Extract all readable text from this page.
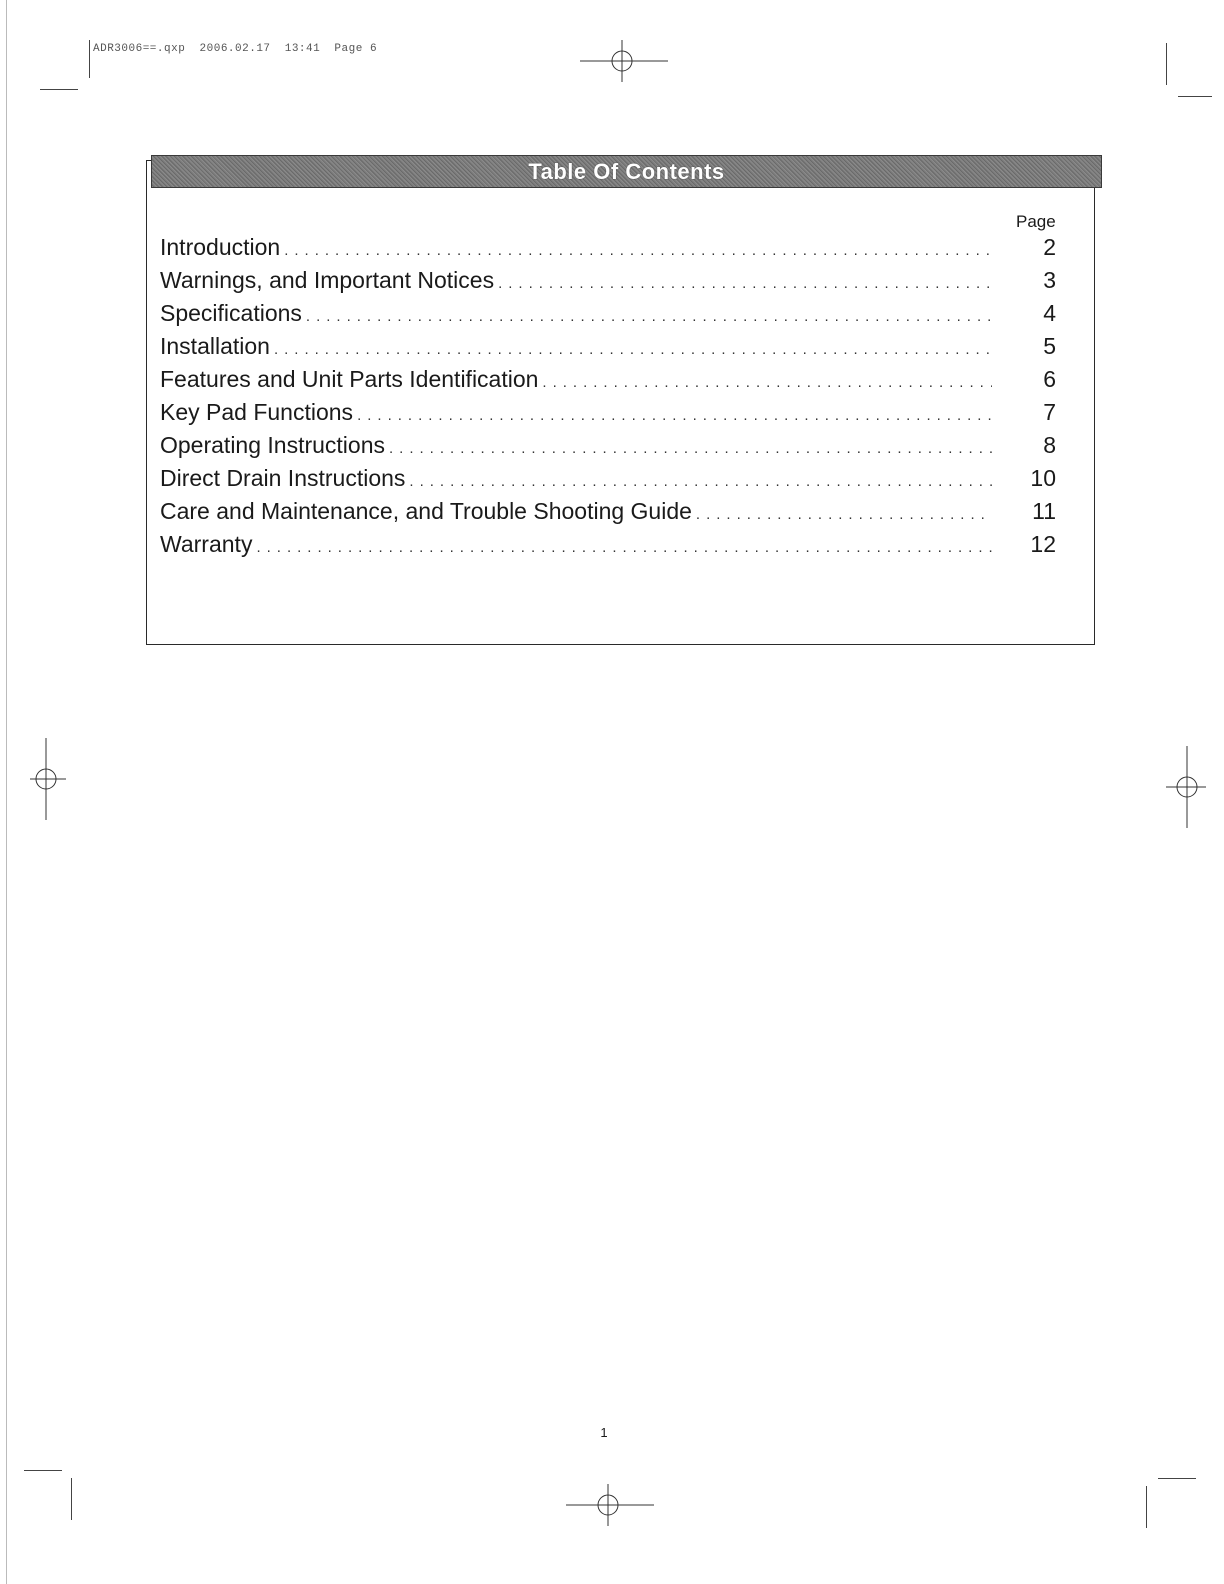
ADR3006==.qxp  2006.02.17  13:41  Page 6
Table Of Contents
Page
Introduction .....	2
Warnings, and Important Notices .....	3
Specifications .....	4
Installation .....	5
Features and Unit Parts Identification .....	6
Key Pad Functions .....	7
Operating Instructions .....	8
Direct Drain Instructions .....	10
Care and Maintenance, and Trouble Shooting Guide .....	11
Warranty .....	12
1
